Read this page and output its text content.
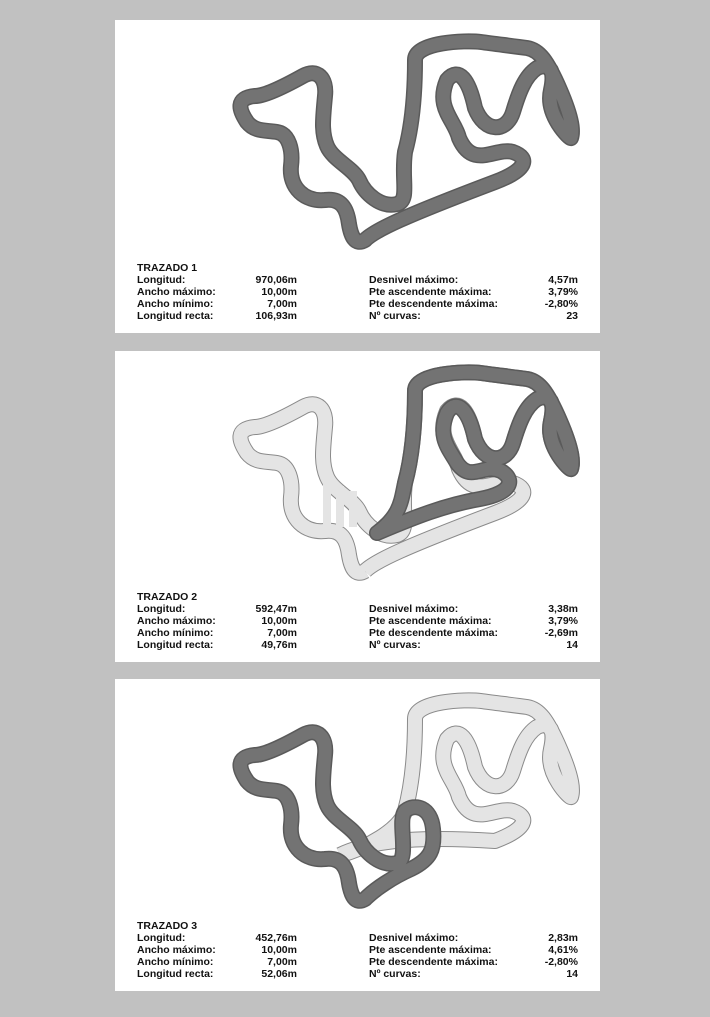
TRAZADO 1
Longitud:	970,06m
Ancho máximo:	10,00m
Ancho mínimo:	7,00m
Longitud recta:	106,93m
Desnivel máximo:	4,57m
Pte ascendente máxima:	3,79%
Pte descendente máxima:	-2,80%
Nº curvas:	23
TRAZADO 2
Longitud:	592,47m
Ancho máximo:	10,00m
Ancho mínimo:	7,00m
Longitud recta:	49,76m
Desnivel máximo:	3,38m
Pte ascendente máxima:	3,79%
Pte descendente máxima:	-2,69m
Nº curvas:	14
TRAZADO 3
Longitud:	452,76m
Ancho máximo:	10,00m
Ancho mínimo:	7,00m
Longitud recta:	52,06m
Desnivel máximo:	2,83m
Pte ascendente máxima:	4,61%
Pte descendente máxima:	-2,80%
Nº curvas:	14
